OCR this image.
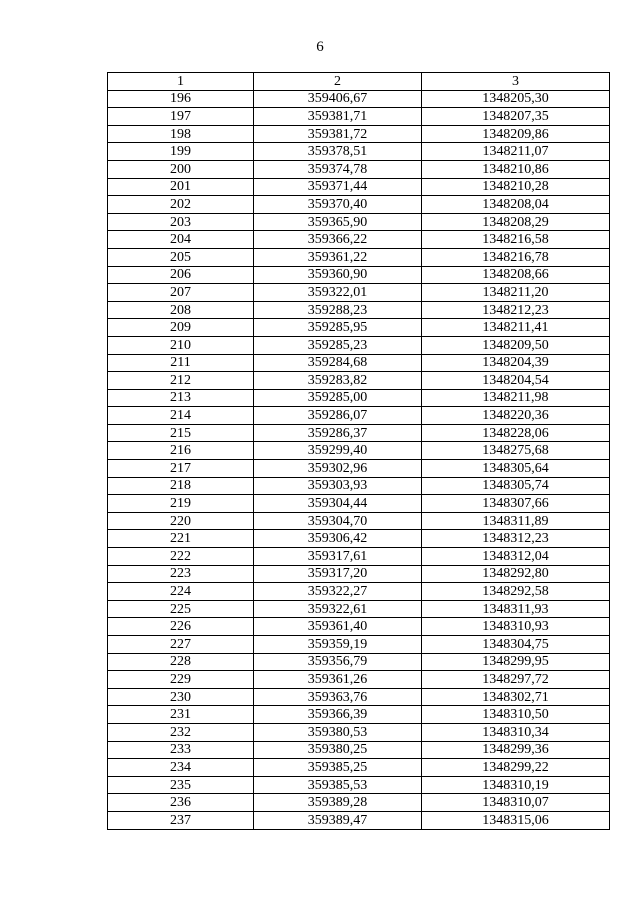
6
1	2	3
196	359406,67	1348205,30
197	359381,71	1348207,35
198	359381,72	1348209,86
199	359378,51	1348211,07
200	359374,78	1348210,86
201	359371,44	1348210,28
202	359370,40	1348208,04
203	359365,90	1348208,29
204	359366,22	1348216,58
205	359361,22	1348216,78
206	359360,90	1348208,66
207	359322,01	1348211,20
208	359288,23	1348212,23
209	359285,95	1348211,41
210	359285,23	1348209,50
211	359284,68	1348204,39
212	359283,82	1348204,54
213	359285,00	1348211,98
214	359286,07	1348220,36
215	359286,37	1348228,06
216	359299,40	1348275,68
217	359302,96	1348305,64
218	359303,93	1348305,74
219	359304,44	1348307,66
220	359304,70	1348311,89
221	359306,42	1348312,23
222	359317,61	1348312,04
223	359317,20	1348292,80
224	359322,27	1348292,58
225	359322,61	1348311,93
226	359361,40	1348310,93
227	359359,19	1348304,75
228	359356,79	1348299,95
229	359361,26	1348297,72
230	359363,76	1348302,71
231	359366,39	1348310,50
232	359380,53	1348310,34
233	359380,25	1348299,36
234	359385,25	1348299,22
235	359385,53	1348310,19
236	359389,28	1348310,07
237	359389,47	1348315,06
